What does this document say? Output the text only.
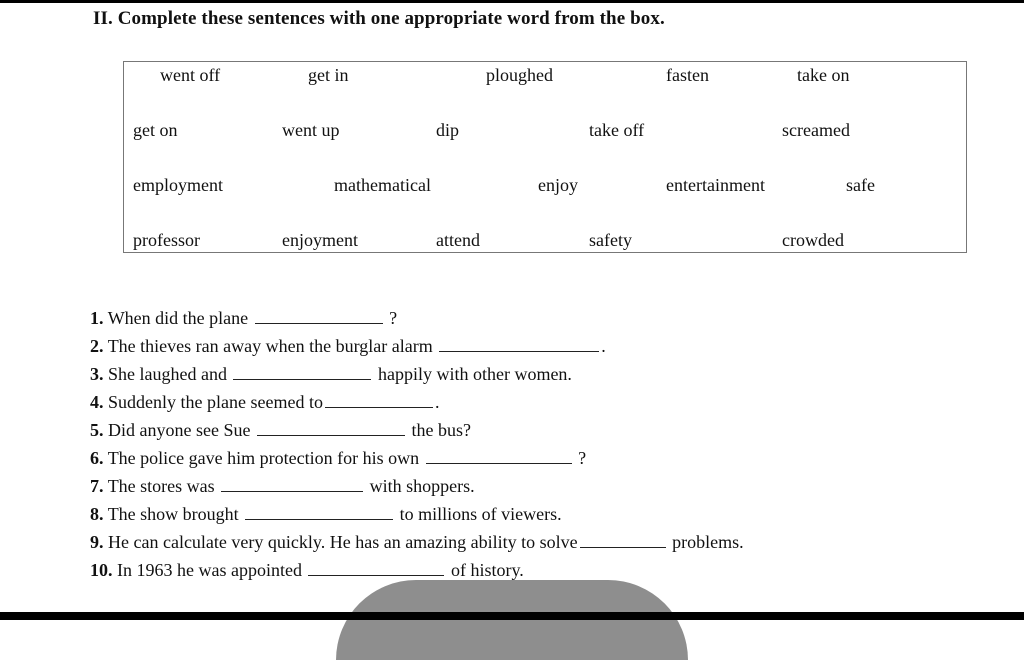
II. Complete these sentences with one appropriate word from the box.
went off	get in	ploughed	fasten	take on
get on	went up	dip	take off	screamed
employment	mathematical	enjoy	entertainment	safe
professor	enjoyment	attend	safety	crowded
1. When did the plane	?
2. The thieves ran away when the burglar alarm	.
3. She laughed and	happily with other women.
4. Suddenly the plane seemed to	.
5. Did anyone see Sue	the bus?
6. The police gave him protection for his own	?
7. The stores was	with shoppers.
8. The show brought	to millions of viewers.
9. He can calculate very quickly. He has an amazing ability to solve	problems.
10. In 1963 he was appointed	of history.
